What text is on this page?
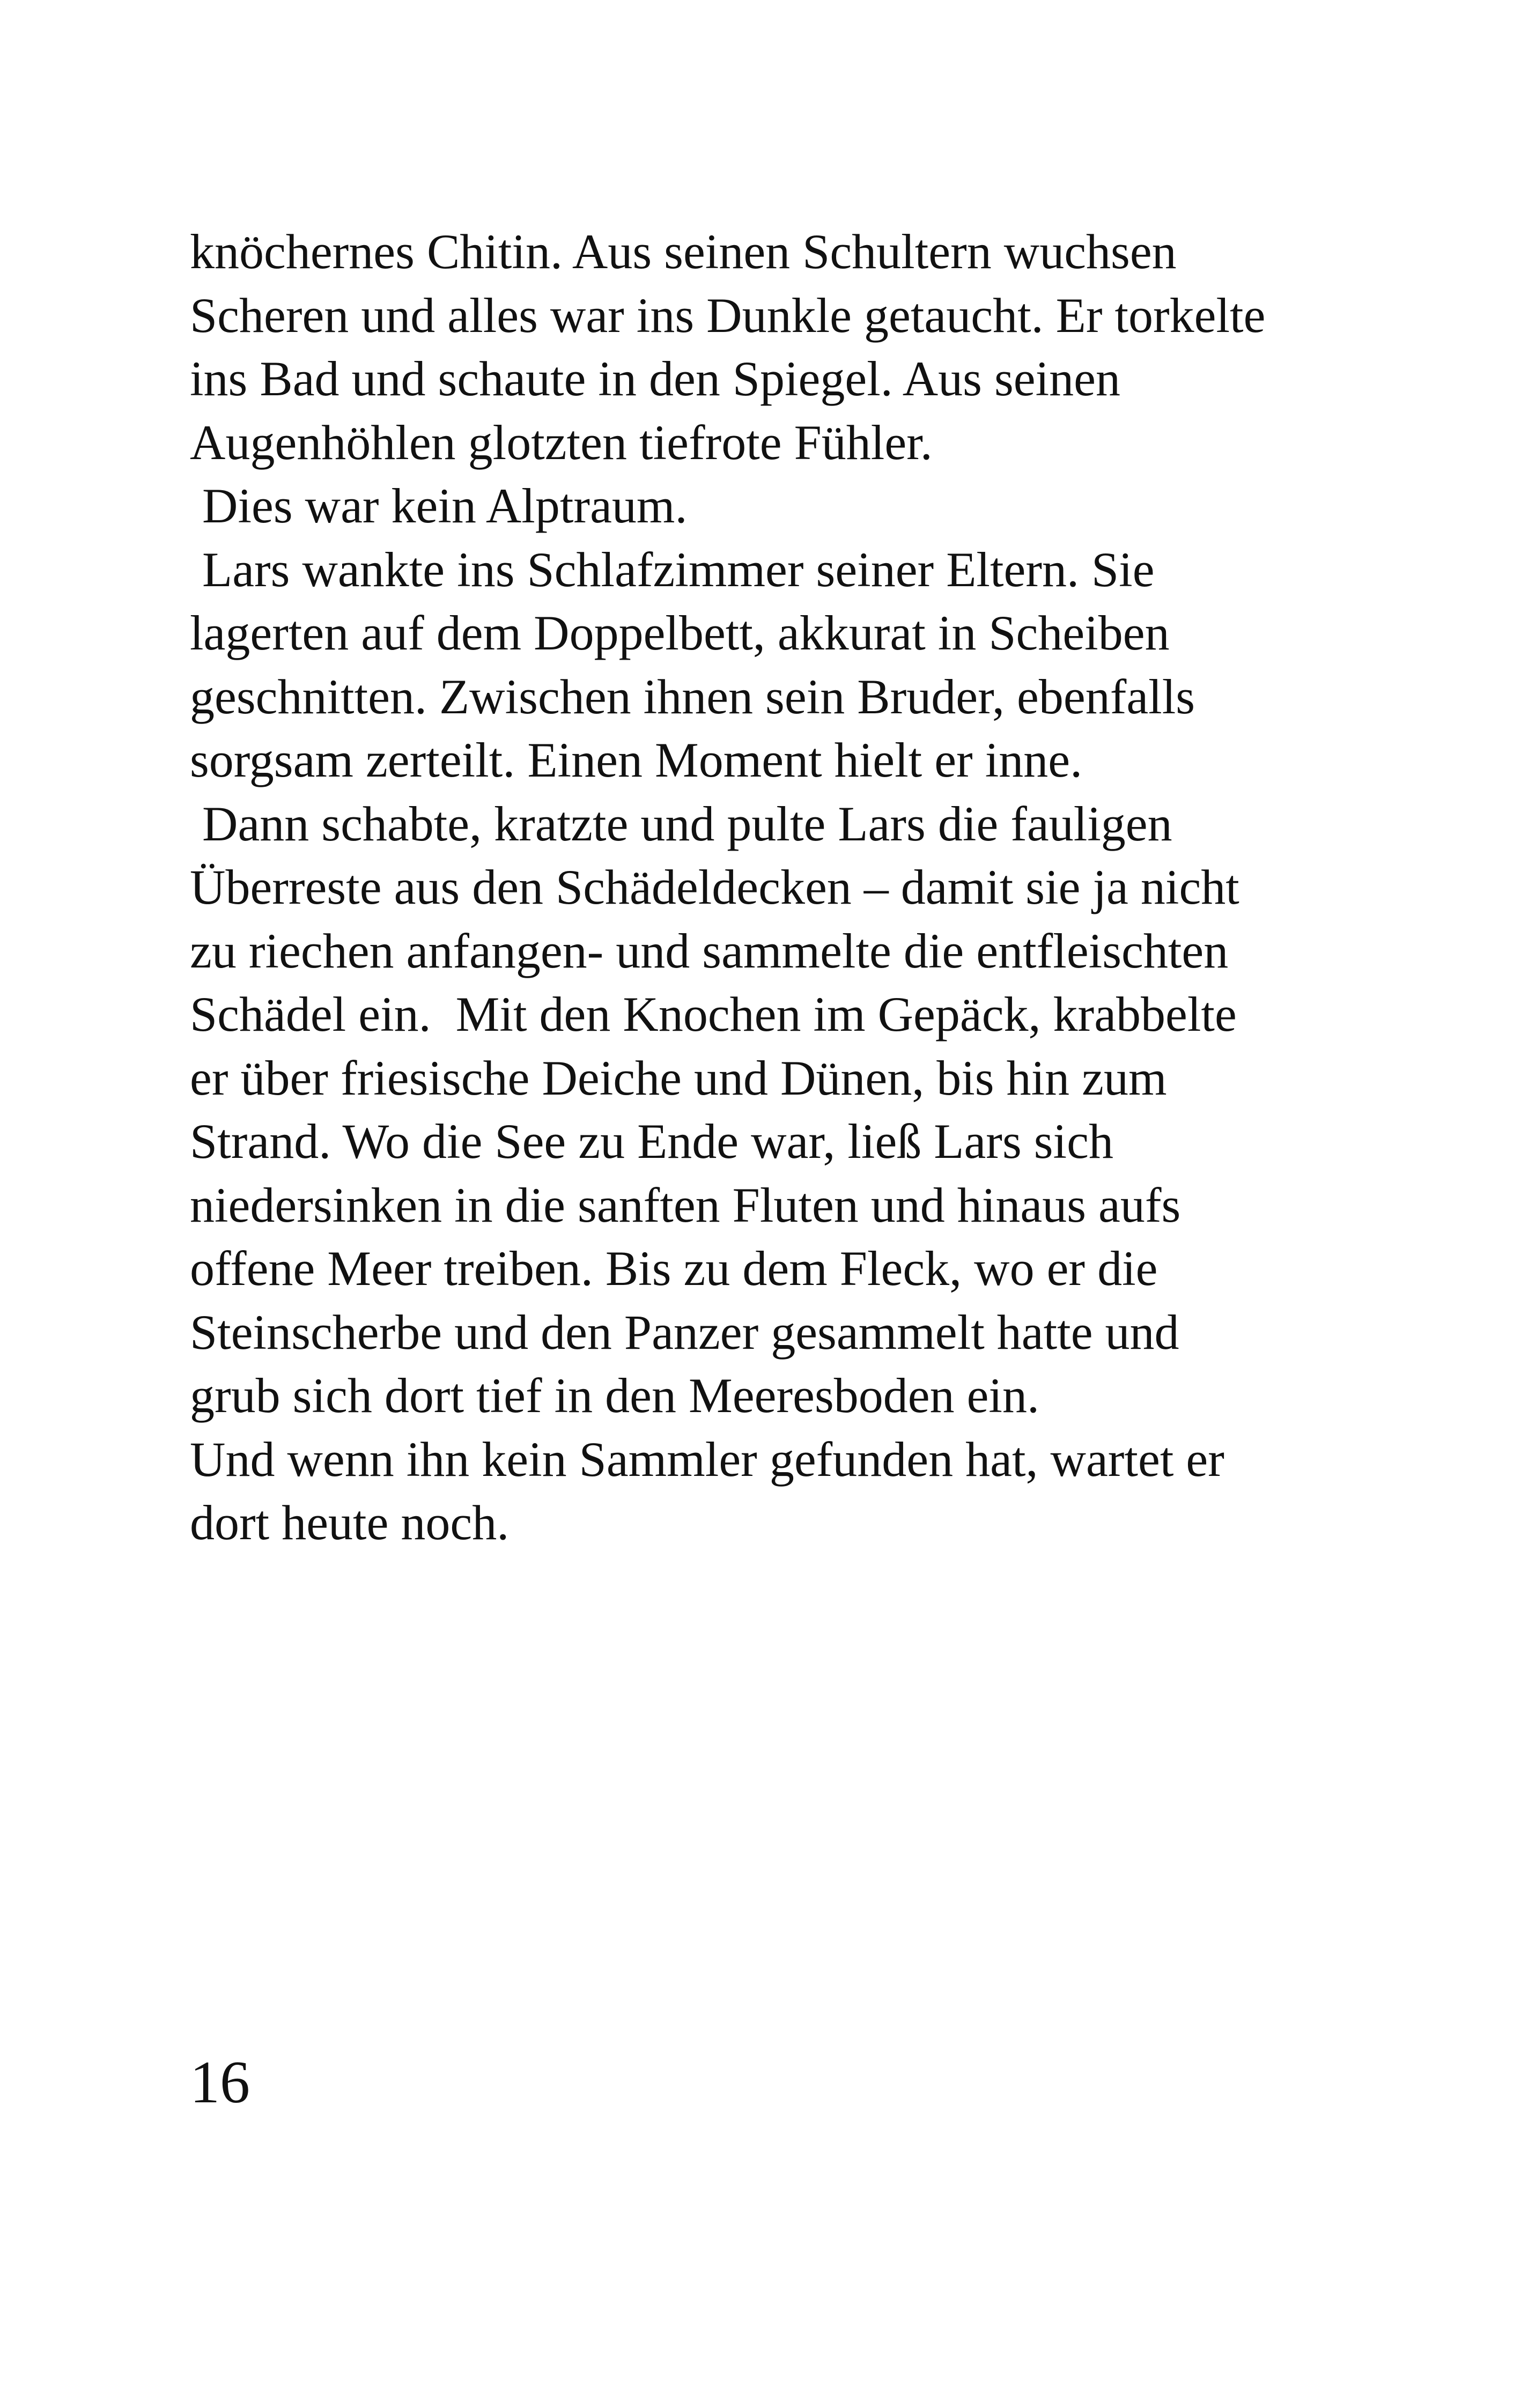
knöchernes Chitin. Aus seinen Schultern wuchsen
Scheren und alles war ins Dunkle getaucht. Er torkelte
ins Bad und schaute in den Spiegel. Aus seinen
Augenhöhlen glotzten tiefrote Fühler.
Dies war kein Alptraum.
Lars wankte ins Schlafzimmer seiner Eltern. Sie
lagerten auf dem Doppelbett, akkurat in Scheiben
geschnitten. Zwischen ihnen sein Bruder, ebenfalls
sorgsam zerteilt. Einen Moment hielt er inne.
Dann schabte, kratzte und pulte Lars die fauligen
Überreste aus den Schädeldecken – damit sie ja nicht
zu riechen anfangen- und sammelte die entfleischten
Schädel ein.  Mit den Knochen im Gepäck, krabbelte
er über friesische Deiche und Dünen, bis hin zum
Strand. Wo die See zu Ende war, ließ Lars sich
niedersinken in die sanften Fluten und hinaus aufs
offene Meer treiben. Bis zu dem Fleck, wo er die
Steinscherbe und den Panzer gesammelt hatte und
grub sich dort tief in den Meeresboden ein.
Und wenn ihn kein Sammler gefunden hat, wartet er
dort heute noch.
16
